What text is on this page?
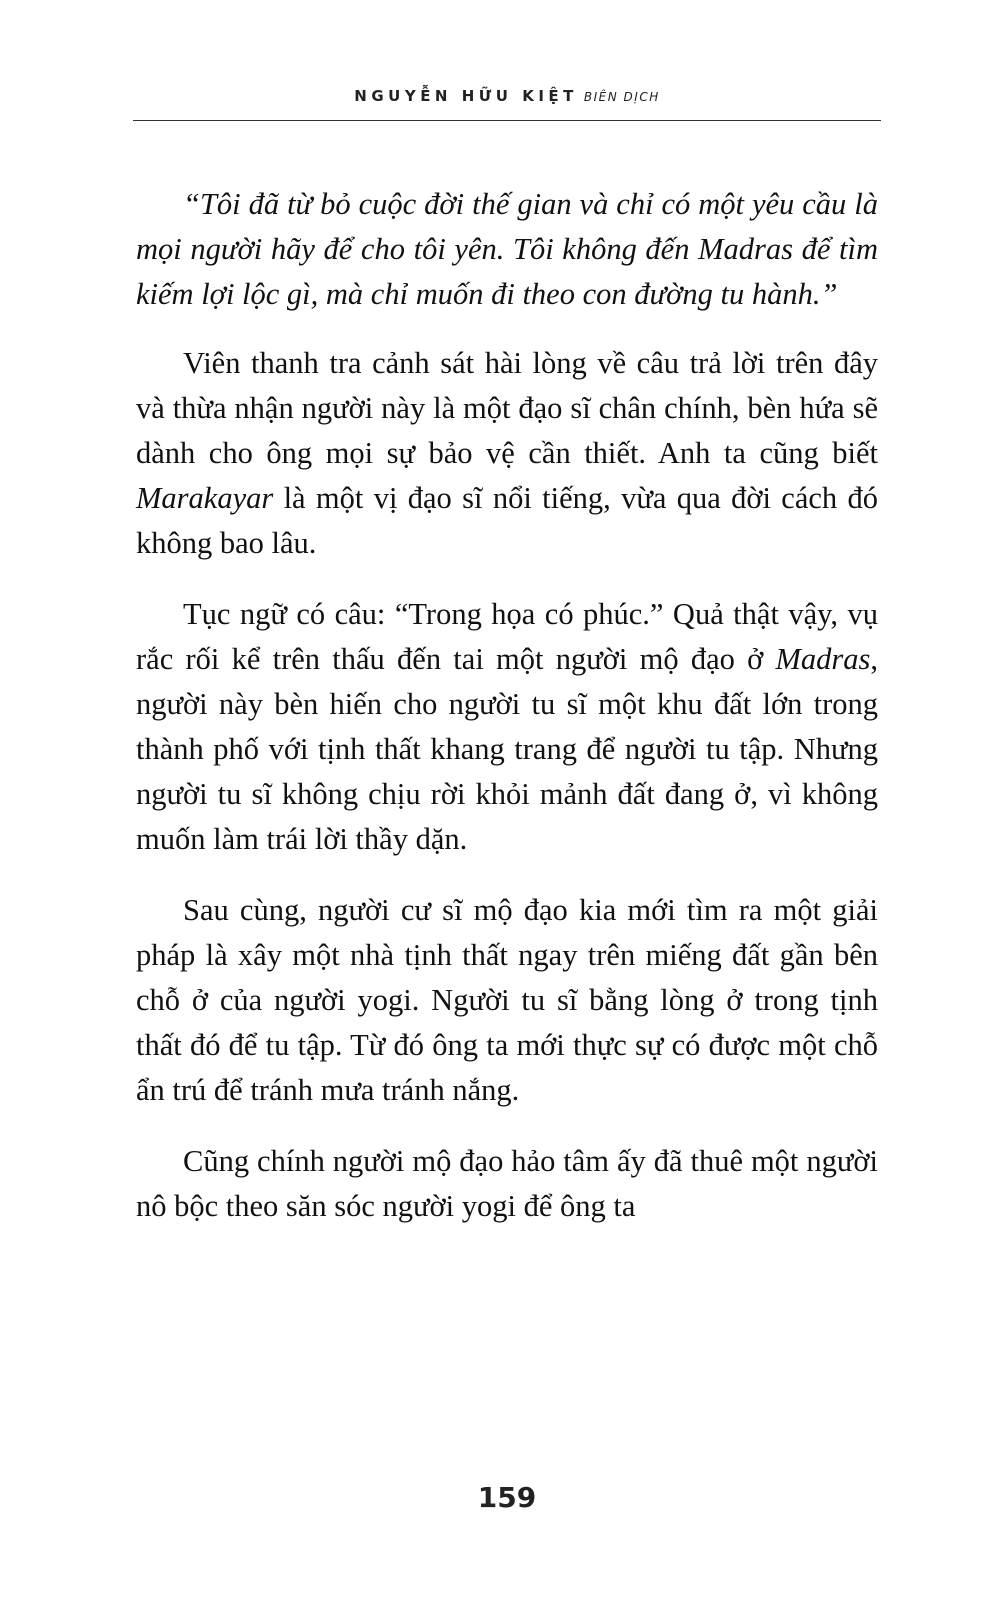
NGUYỄN HỮU KIỆT BIÊN DỊCH

“Tôi đã từ bỏ cuộc đời thế gian và chỉ có một yêu cầu là mọi người hãy để cho tôi yên. Tôi không đến Madras để tìm kiếm lợi lộc gì, mà chỉ muốn đi theo con đường tu hành.”

Viên thanh tra cảnh sát hài lòng về câu trả lời trên đây và thừa nhận người này là một đạo sĩ chân chính, bèn hứa sẽ dành cho ông mọi sự bảo vệ cần thiết. Anh ta cũng biết Marakayar là một vị đạo sĩ nổi tiếng, vừa qua đời cách đó không bao lâu.

Tục ngữ có câu: “Trong họa có phúc.” Quả thật vậy, vụ rắc rối kể trên thấu đến tai một người mộ đạo ở Madras, người này bèn hiến cho người tu sĩ một khu đất lớn trong thành phố với tịnh thất khang trang để người tu tập. Nhưng người tu sĩ không chịu rời khỏi mảnh đất đang ở, vì không muốn làm trái lời thầy dặn.

Sau cùng, người cư sĩ mộ đạo kia mới tìm ra một giải pháp là xây một nhà tịnh thất ngay trên miếng đất gần bên chỗ ở của người yogi. Người tu sĩ bằng lòng ở trong tịnh thất đó để tu tập. Từ đó ông ta mới thực sự có được một chỗ ẩn trú để tránh mưa tránh nắng.

Cũng chính người mộ đạo hảo tâm ấy đã thuê một người nô bộc theo săn sóc người yogi để ông ta

159
